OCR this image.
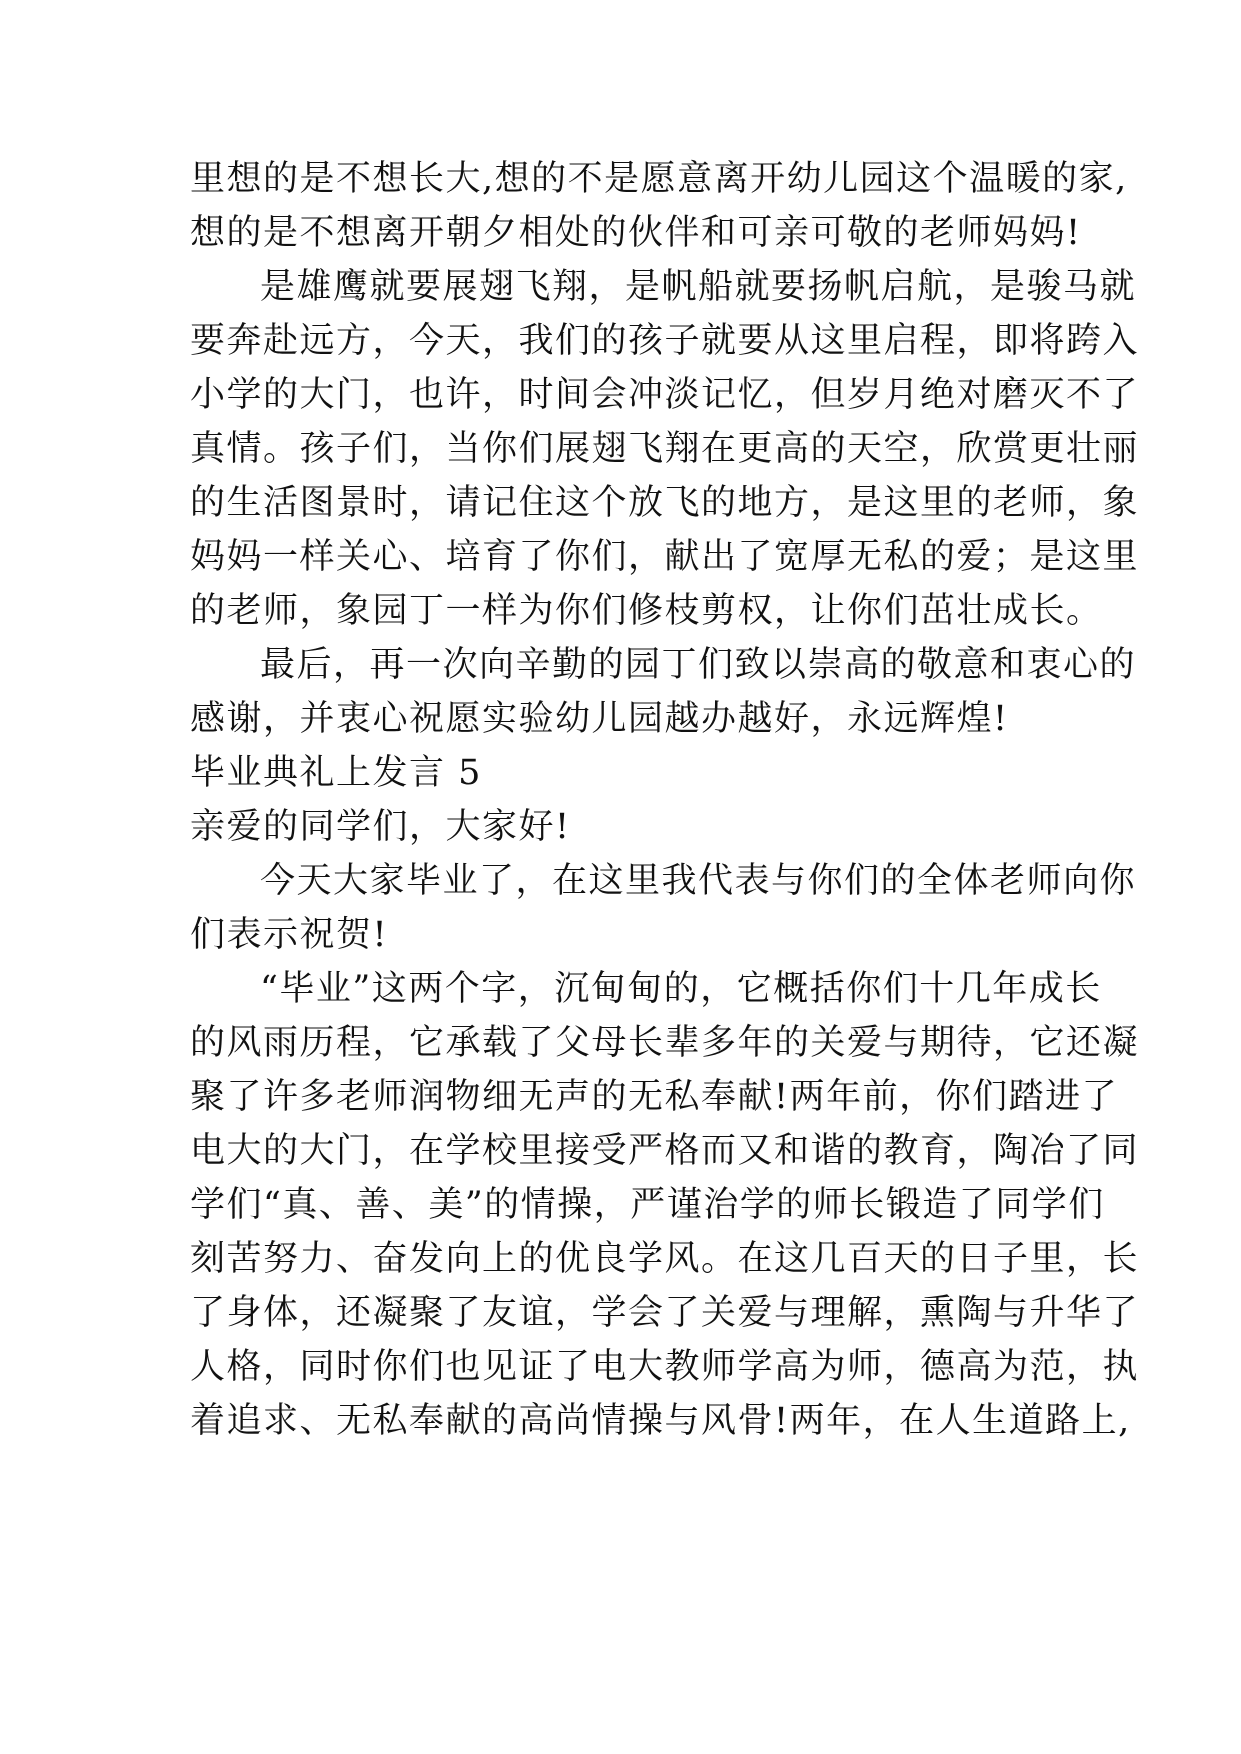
里想的是不想长大,想的不是愿意离开幼儿园这个温暖的家,
想的是不想离开朝夕相处的伙伴和可亲可敬的老师妈妈!
是雄鹰就要展翅飞翔，是帆船就要扬帆启航，是骏马就
要奔赴远方，今天，我们的孩子就要从这里启程，即将跨入
小学的大门，也许，时间会冲淡记忆，但岁月绝对磨灭不了
真情。孩子们，当你们展翅飞翔在更高的天空，欣赏更壮丽
的生活图景时，请记住这个放飞的地方，是这里的老师，象
妈妈一样关心、培育了你们，献出了宽厚无私的爱；是这里
的老师，象园丁一样为你们修枝剪权，让你们茁壮成长。
最后，再一次向辛勤的园丁们致以崇高的敬意和衷心的
感谢，并衷心祝愿实验幼儿园越办越好，永远辉煌!
毕业典礼上发言 5
亲爱的同学们，大家好!
今天大家毕业了，在这里我代表与你们的全体老师向你
们表示祝贺!
“毕业”这两个字，沉甸甸的，它概括你们十几年成长
的风雨历程，它承载了父母长辈多年的关爱与期待，它还凝
聚了许多老师润物细无声的无私奉献!两年前，你们踏进了
电大的大门，在学校里接受严格而又和谐的教育，陶冶了同
学们“真、善、美”的情操，严谨治学的师长锻造了同学们
刻苦努力、奋发向上的优良学风。在这几百天的日子里，长
了身体，还凝聚了友谊，学会了关爱与理解，熏陶与升华了
人格，同时你们也见证了电大教师学高为师，德高为范，执
着追求、无私奉献的高尚情操与风骨!两年，在人生道路上,
